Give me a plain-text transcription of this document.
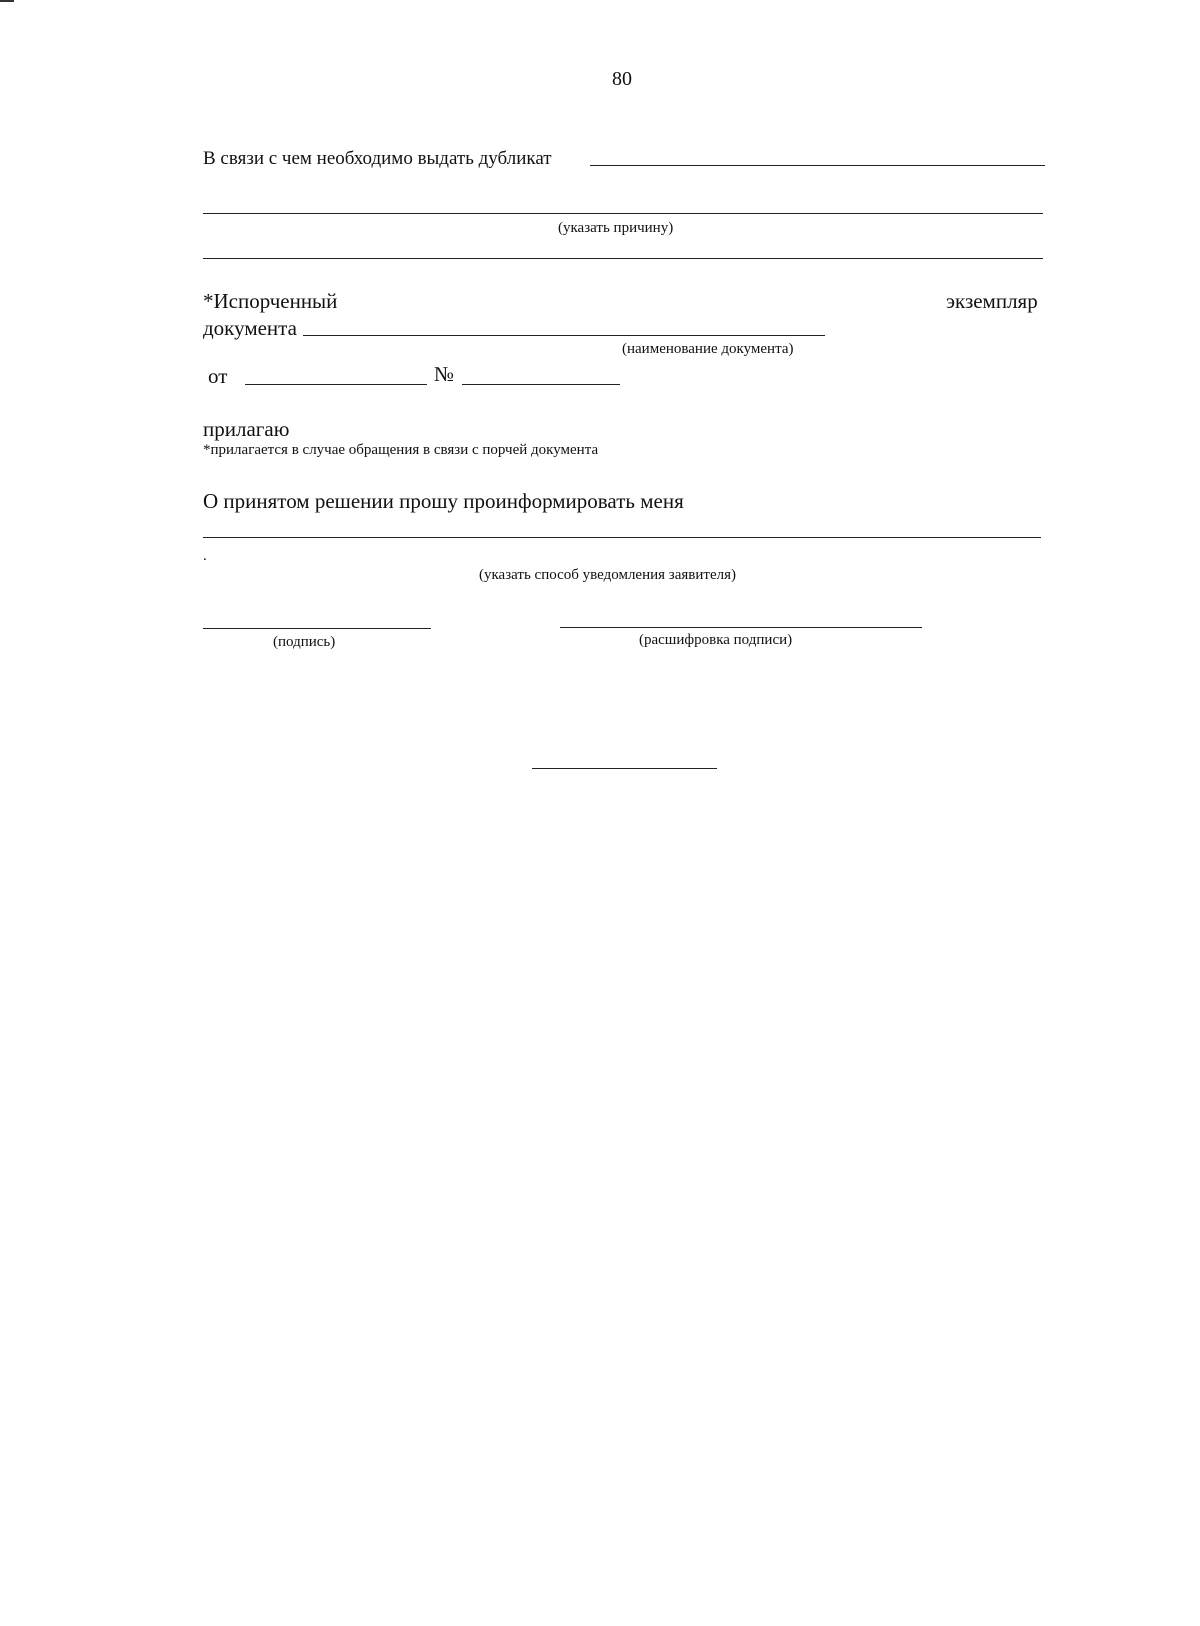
80
В связи с чем необходимо выдать дубликат
(указать причину)
*Испорченный	экземпляр
документа
(наименование документа)
от	№
прилагаю
*прилагается в случае обращения в связи с порчей документа
О принятом решении прошу проинформировать меня
.
(указать способ уведомления заявителя)
(подпись)	(расшифровка подписи)
